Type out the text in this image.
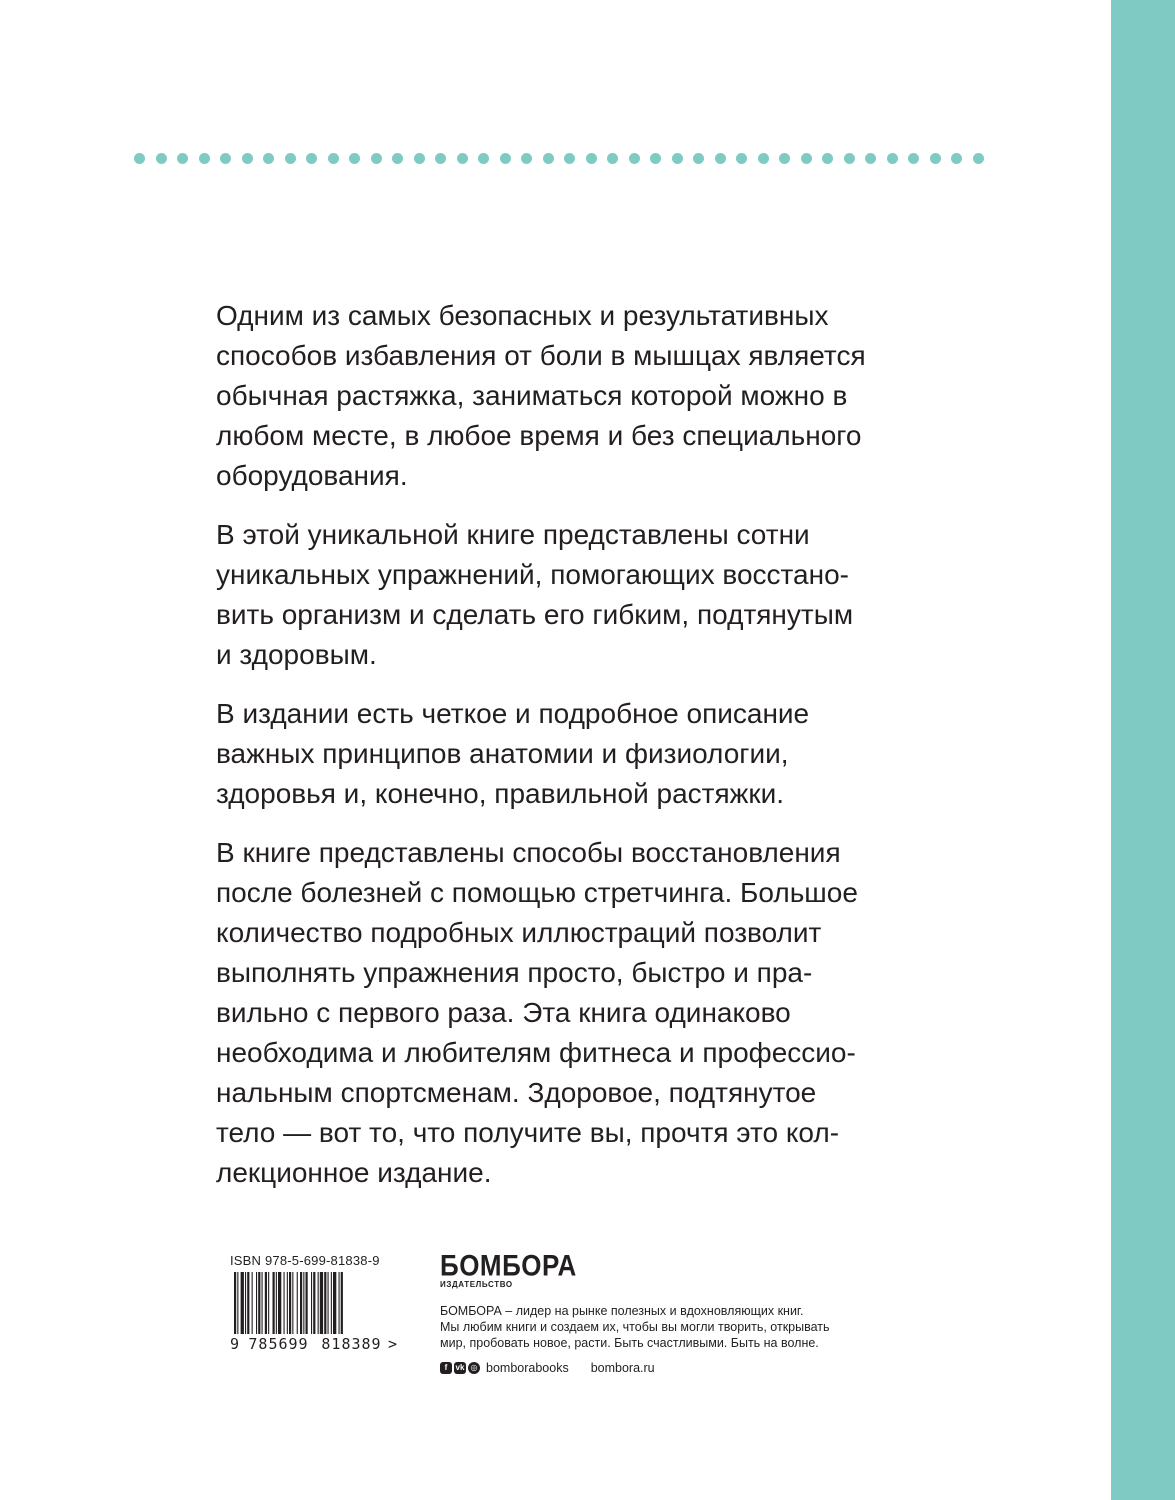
Одним из самых безопасных и результативных
способов избавления от боли в мышцах является
обычная растяжка, заниматься которой можно в
любом месте, в любое время и без специального
оборудования.

В этой уникальной книге представлены сотни
уникальных упражнений, помогающих восстано-
вить организм и сделать его гибким, подтянутым
и здоровым.

В издании есть четкое и подробное описание
важных принципов анатомии и физиологии,
здоровья и, конечно, правильной растяжки.

В книге представлены способы восстановления
после болезней с помощью стретчинга. Большое
количество подробных иллюстраций позволит
выполнять упражнения просто, быстро и пра-
вильно с первого раза. Эта книга одинаково
необходима и любителям фитнеса и профессио-
нальным спортсменам. Здоровое, подтянутое
тело — вот то, что получите вы, прочтя это кол-
лекционное издание.

ISBN 978-5-699-81838-9
9 785699 818389 >
БОМБОРА
ИЗДАТЕЛЬСТВО
БОМБОРА – лидер на рынке полезных и вдохновляющих книг.
Мы любим книги и создаем их, чтобы вы могли творить, открывать
мир, пробовать новое, расти. Быть счастливыми. Быть на волне.
f	vk ◎ bomborabooks bombora.ru
